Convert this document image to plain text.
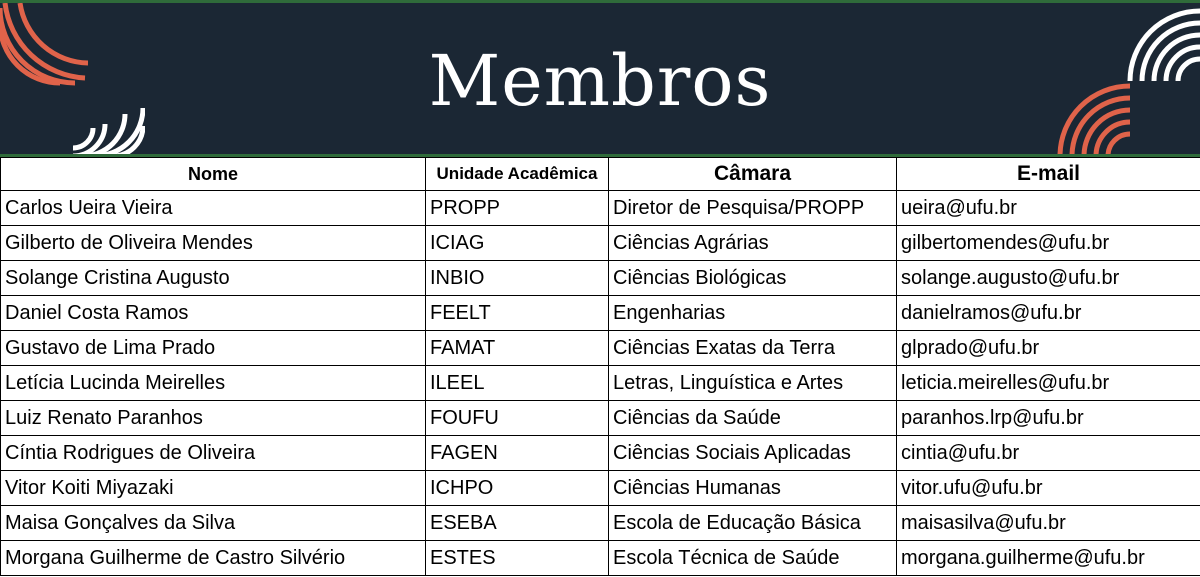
Membros
Nome	Unidade Acadêmica	Câmara	E-mail
Carlos Ueira Vieira	PROPP	Diretor de Pesquisa/PROPP	ueira@ufu.br
Gilberto de Oliveira Mendes	ICIAG	Ciências Agrárias	gilbertomendes@ufu.br
Solange Cristina Augusto	INBIO	Ciências Biológicas	solange.augusto@ufu.br
Daniel Costa Ramos	FEELT	Engenharias	danielramos@ufu.br
Gustavo de Lima Prado	FAMAT	Ciências Exatas da Terra	glprado@ufu.br
Letícia Lucinda Meirelles	ILEEL	Letras, Linguística e Artes	leticia.meirelles@ufu.br
Luiz Renato Paranhos	FOUFU	Ciências da Saúde	paranhos.lrp@ufu.br
Cíntia Rodrigues de Oliveira	FAGEN	Ciências Sociais Aplicadas	cintia@ufu.br
Vitor Koiti Miyazaki	ICHPO	Ciências Humanas	vitor.ufu@ufu.br
Maisa Gonçalves da Silva	ESEBA	Escola de Educação Básica	maisasilva@ufu.br
Morgana Guilherme de Castro Silvério	ESTES	Escola Técnica de Saúde	morgana.guilherme@ufu.br
